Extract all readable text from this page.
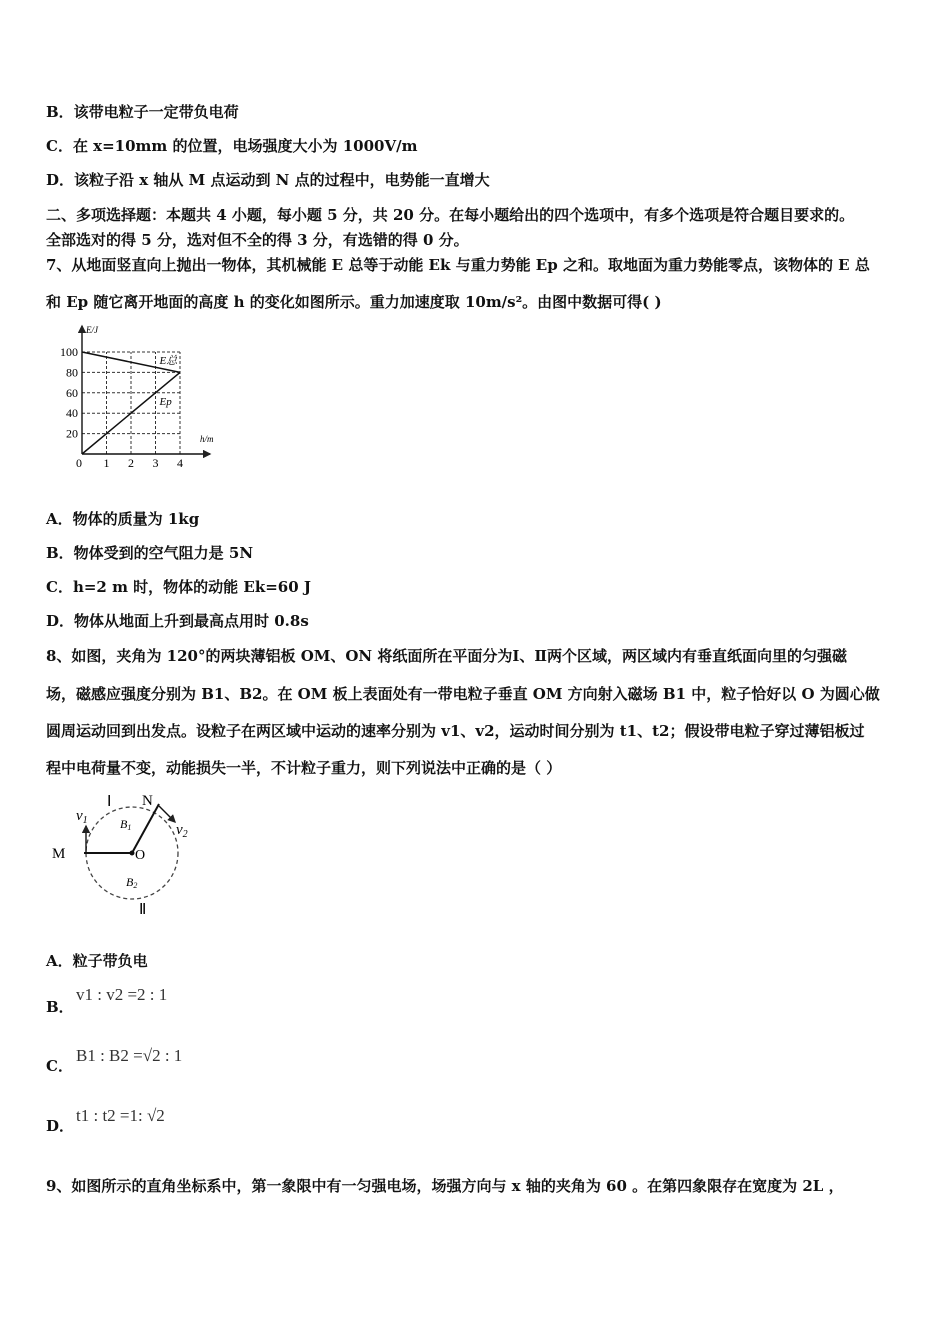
B．该带电粒子一定带负电荷
C．在 x=10mm 的位置，电场强度大小为 1000V/m
D．该粒子沿 x 轴从 M 点运动到 N 点的过程中，电势能一直增大
二、多项选择题：本题共 4 小题，每小题 5 分，共 20 分。在每小题给出的四个选项中，有多个选项是符合题目要求的。
全部选对的得 5 分，选对但不全的得 3 分，有选错的得 0 分。
7、从地面竖直向上抛出一物体，其机械能 E 总等于动能 Ek 与重力势能 Ep 之和。取地面为重力势能零点，该物体的 E 总
和 Ep 随它离开地面的高度 h 的变化如图所示。重力加速度取 10m/s²。由图中数据可得( )
E/J
h/m
100
80
60
40
20
0 1 2 3 4
E总
Ep
A．物体的质量为 1kg
B．物体受到的空气阻力是 5N
C．h=2 m 时，物体的动能 Ek=60 J
D．物体从地面上升到最高点用时 0.8s
8、如图，夹角为 120°的两块薄铝板 OM、ON 将纸面所在平面分为Ⅰ、Ⅱ两个区域，两区域内有垂直纸面向里的匀强磁
场，磁感应强度分别为 B1、B2。在 OM 板上表面处有一带电粒子垂直 OM 方向射入磁场 B1 中，粒子恰好以 O 为圆心做
圆周运动回到出发点。设粒子在两区域中运动的速率分别为 v1、v2，运动时间分别为 t1、t2；假设带电粒子穿过薄铝板过
程中电荷量不变，动能损失一半，不计粒子重力，则下列说法中正确的是（ ）
M	O
N
Ⅰ
Ⅱ
$v_1$
$v_2$
B1
B2
A．粒子带负电
B．
v1 : v2 =2 : 1
C．
B1 : B2 =√2 : 1
D．
t1 : t2 =1: √2
9、如图所示的直角坐标系中，第一象限中有一匀强电场，场强方向与 x 轴的夹角为 60 。在第四象限存在宽度为 2L ，
